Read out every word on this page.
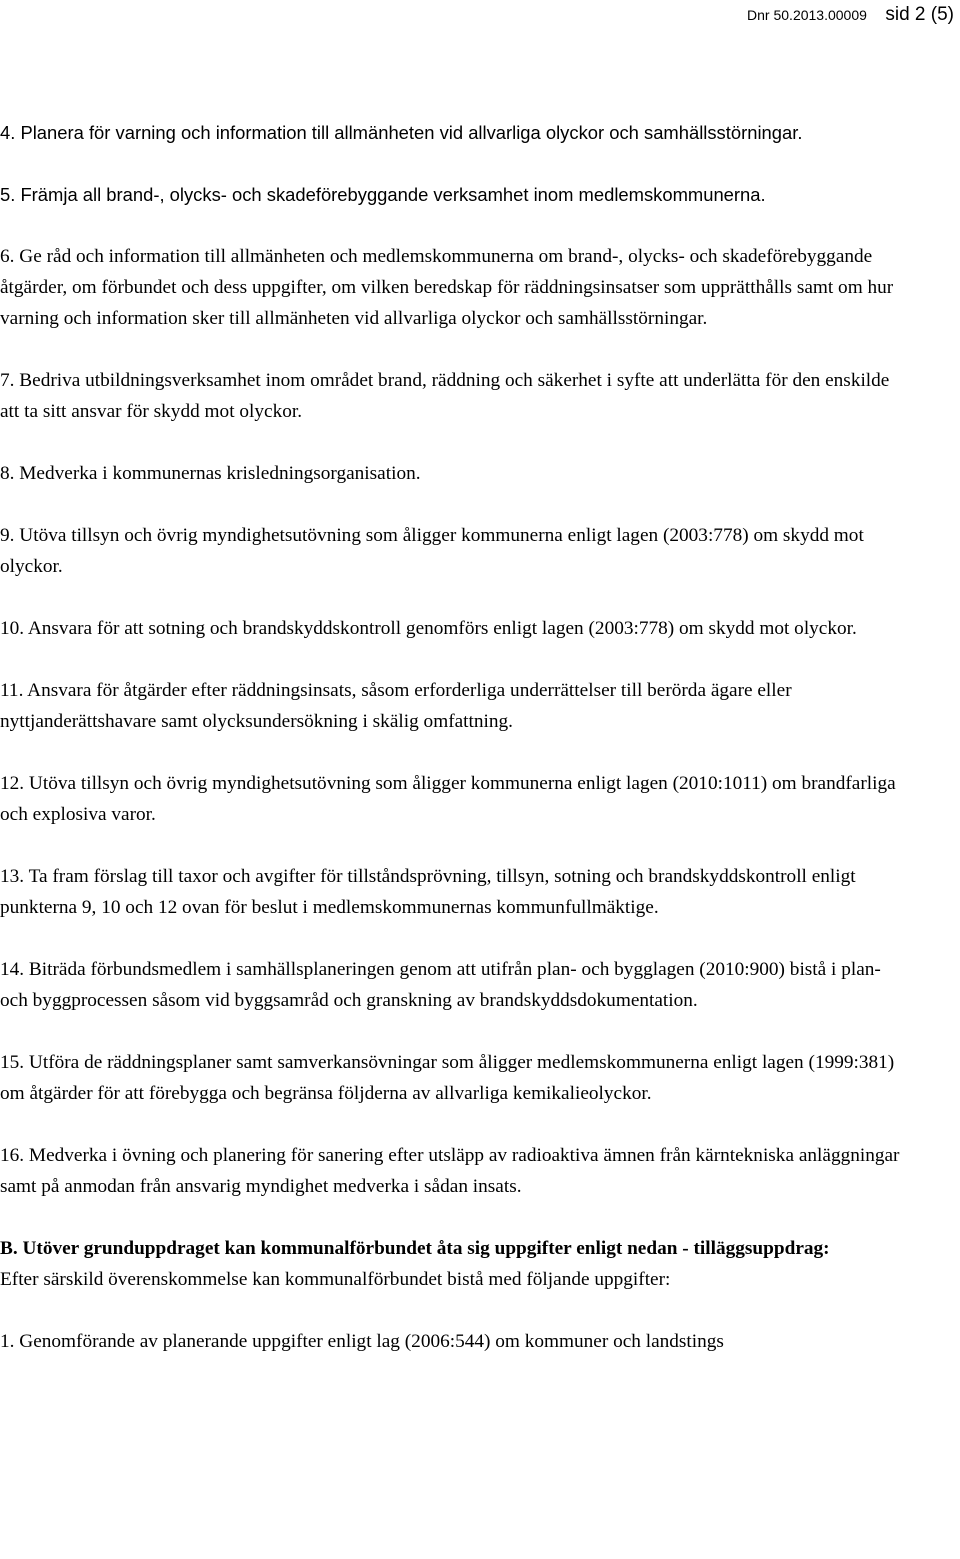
Dnr 50.2013.00009 sid 2 (5)

4. Planera för varning och information till allmänheten vid allvarliga olyckor och samhällsstörningar.

5. Främja all brand-, olycks- och skadeförebyggande verksamhet inom medlemskommunerna.

6. Ge råd och information till allmänheten och medlemskommunerna om brand-, olycks- och skadeförebyggande åtgärder, om förbundet och dess uppgifter, om vilken beredskap för räddningsinsatser som upprätthålls samt om hur varning och information sker till allmänheten vid allvarliga olyckor och samhällsstörningar.

7. Bedriva utbildningsverksamhet inom området brand, räddning och säkerhet i syfte att underlätta för den enskilde att ta sitt ansvar för skydd mot olyckor.

8. Medverka i kommunernas krisledningsorganisation.

9. Utöva tillsyn och övrig myndighetsutövning som åligger kommunerna enligt lagen (2003:778) om skydd mot olyckor.

10. Ansvara för att sotning och brandskyddskontroll genomförs enligt lagen (2003:778) om skydd mot olyckor.

11. Ansvara för åtgärder efter räddningsinsats, såsom erforderliga underrättelser till berörda ägare eller nyttjanderättshavare samt olycksundersökning i skälig omfattning.

12. Utöva tillsyn och övrig myndighetsutövning som åligger kommunerna enligt lagen (2010:1011) om brandfarliga och explosiva varor.

13. Ta fram förslag till taxor och avgifter för tillståndsprövning, tillsyn, sotning och brandskyddskontroll enligt punkterna 9, 10 och 12 ovan för beslut i medlemskommunernas kommunfullmäktige.

14. Biträda förbundsmedlem i samhällsplaneringen genom att utifrån plan- och bygglagen (2010:900) bistå i plan- och byggprocessen såsom vid byggsamråd och granskning av brandskyddsdokumentation.

15. Utföra de räddningsplaner samt samverkansövningar som åligger medlemskommunerna enligt lagen (1999:381) om åtgärder för att förebygga och begränsa följderna av allvarliga kemikalieolyckor.

16. Medverka i övning och planering för sanering efter utsläpp av radioaktiva ämnen från kärntekniska anläggningar samt på anmodan från ansvarig myndighet medverka i sådan insats.

B. Utöver grunduppdraget kan kommunalförbundet åta sig uppgifter enligt nedan - tilläggsuppdrag:

Efter särskild överenskommelse kan kommunalförbundet bistå med följande uppgifter:

1. Genomförande av planerande uppgifter enligt lag (2006:544) om kommuner och landstings
